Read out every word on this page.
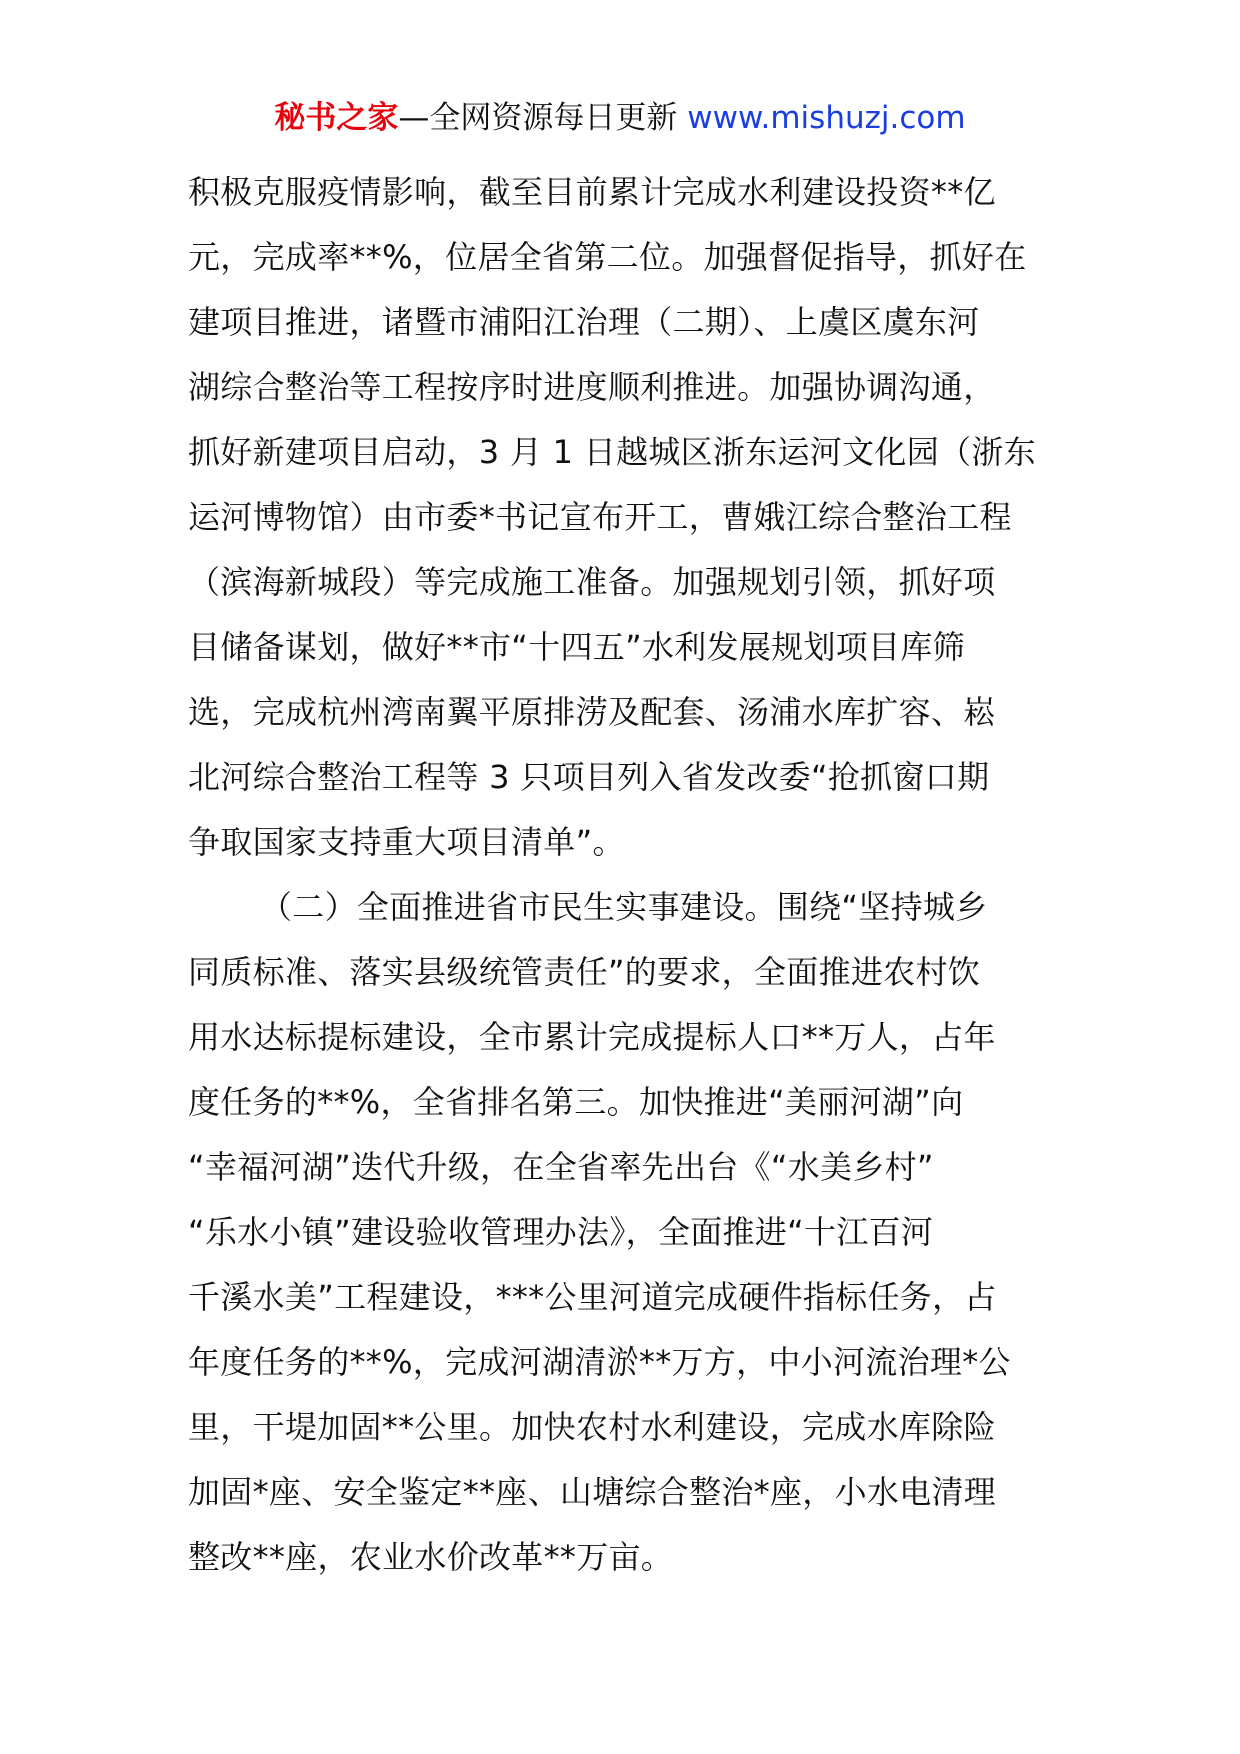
秘书之家—全网资源每日更新 www.mishuzj.com
积极克服疫情影响，截至目前累计完成水利建设投资**亿
元，完成率**%，位居全省第二位。加强督促指导，抓好在
建项目推进，诸暨市浦阳江治理（二期）、上虞区虞东河
湖综合整治等工程按序时进度顺利推进。加强协调沟通，
抓好新建项目启动，3 月 1 日越城区浙东运河文化园（浙东
运河博物馆）由市委*书记宣布开工，曹娥江综合整治工程
（滨海新城段）等完成施工准备。加强规划引领，抓好项
目储备谋划，做好**市“十四五”水利发展规划项目库筛
选，完成杭州湾南翼平原排涝及配套、汤浦水库扩容、崧
北河综合整治工程等 3 只项目列入省发改委“抢抓窗口期
争取国家支持重大项目清单”。
（二）全面推进省市民生实事建设。围绕“坚持城乡
同质标准、落实县级统管责任”的要求，全面推进农村饮
用水达标提标建设，全市累计完成提标人口**万人，占年
度任务的**%，全省排名第三。加快推进“美丽河湖”向
“幸福河湖”迭代升级，在全省率先出台《“水美乡村”
“乐水小镇”建设验收管理办法》，全面推进“十江百河
千溪水美”工程建设，***公里河道完成硬件指标任务，占
年度任务的**%，完成河湖清淤**万方，中小河流治理*公
里，干堤加固**公里。加快农村水利建设，完成水库除险
加固*座、安全鉴定**座、山塘综合整治*座，小水电清理
整改**座，农业水价改革**万亩。
